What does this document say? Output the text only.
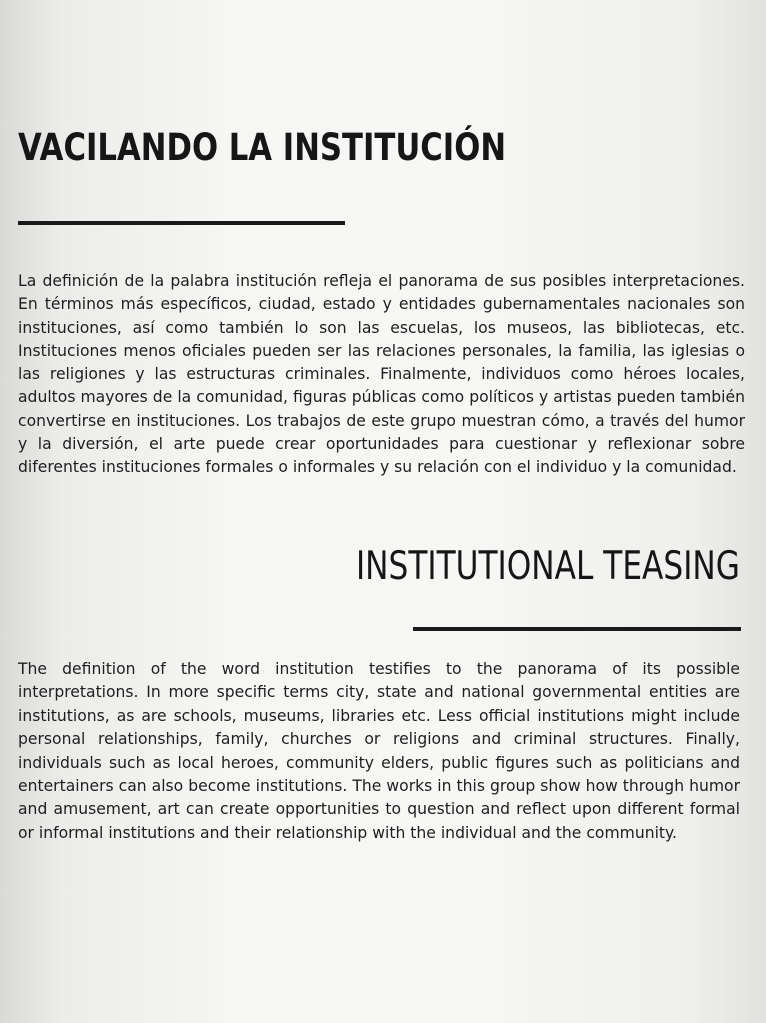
VACILANDO LA INSTITUCIÓN

La definición de la palabra institución refleja el panorama de sus posibles interpretaciones. En términos más específicos, ciudad, estado y entidades gubernamentales nacionales son instituciones, así como también lo son las escuelas, los museos, las bibliotecas, etc. Instituciones menos oficiales pueden ser las relaciones personales, la familia, las iglesias o las religiones y las estructuras criminales. Finalmente, individuos como héroes locales, adultos mayores de la comunidad, figuras públicas como políticos y artistas pueden también convertirse en instituciones. Los trabajos de este grupo muestran cómo, a través del humor y la diversión, el arte puede crear oportunidades para cuestionar y reflexionar sobre diferentes instituciones formales o informales y su relación con el individuo y la comunidad.

INSTITUTIONAL TEASING

The definition of the word institution testifies to the panorama of its possible interpretations. In more specific terms city, state and national governmental entities are institutions, as are schools, museums, libraries etc. Less official institutions might include personal relationships, family, churches or religions and criminal structures. Finally, individuals such as local heroes, community elders, public figures such as politicians and entertainers can also become institutions. The works in this group show how through humor and amusement, art can create opportunities to question and reflect upon different formal or informal institutions and their relationship with the individual and the community.
